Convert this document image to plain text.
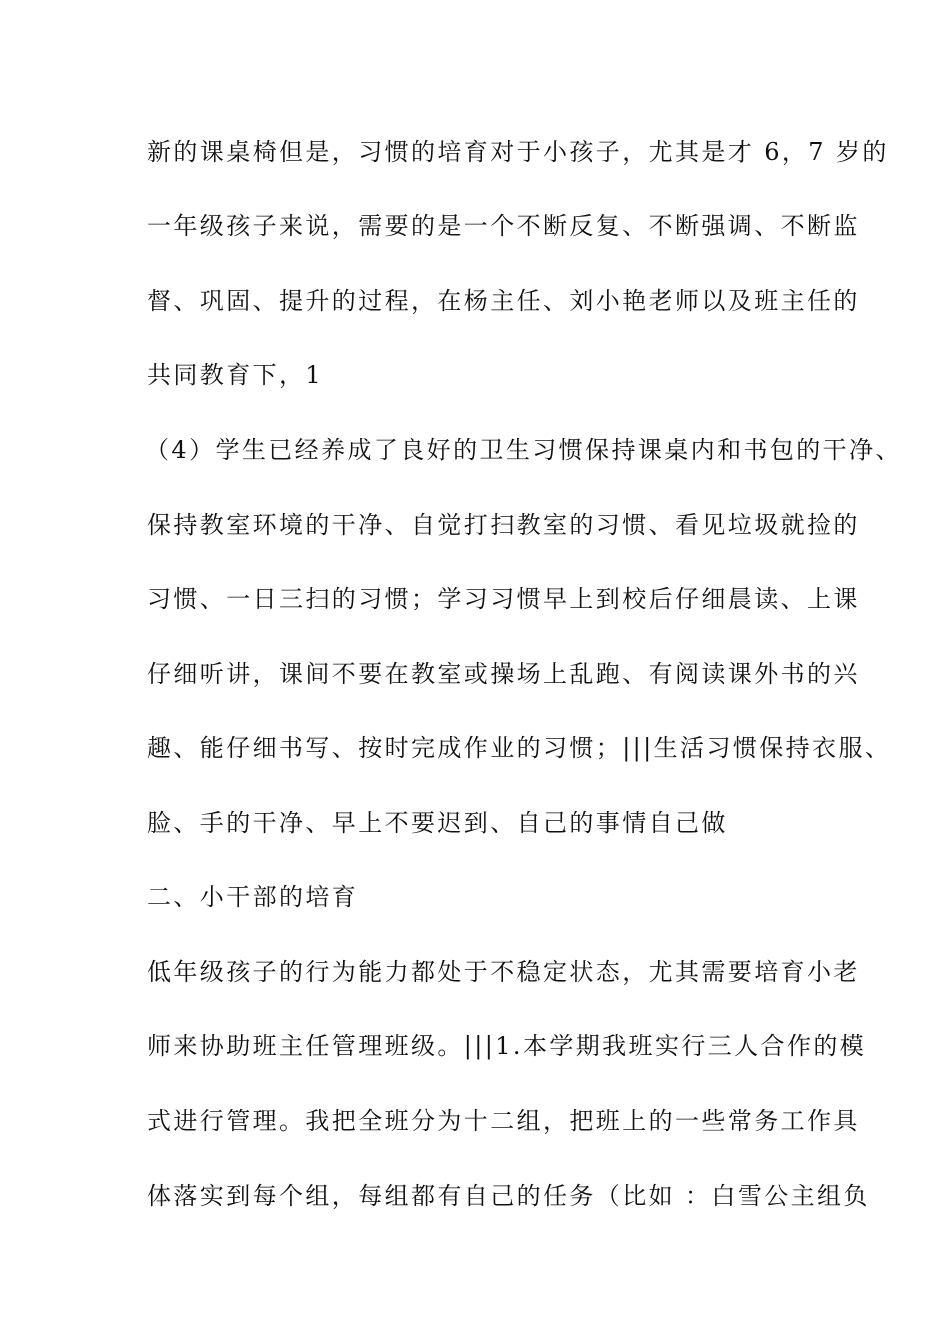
新的课桌椅但是，习惯的培育对于小孩子，尤其是才 6，7 岁的
一年级孩子来说，需要的是一个不断反复、不断强调、不断监
督、巩固、提升的过程，在杨主任、刘小艳老师以及班主任的
共同教育下，1
（4）学生已经养成了良好的卫生习惯保持课桌内和书包的干净、
保持教室环境的干净、自觉打扫教室的习惯、看见垃圾就捡的
习惯、一日三扫的习惯；学习习惯早上到校后仔细晨读、上课
仔细听讲，课间不要在教室或操场上乱跑、有阅读课外书的兴
趣、能仔细书写、按时完成作业的习惯；|||生活习惯保持衣服、
脸、手的干净、早上不要迟到、自己的事情自己做
二、小干部的培育
低年级孩子的行为能力都处于不稳定状态，尤其需要培育小老
师来协助班主任管理班级。|||1.本学期我班实行三人合作的模
式进行管理。我把全班分为十二组，把班上的一些常务工作具
体落实到每个组，每组都有自己的任务（比如 ：白雪公主组负
